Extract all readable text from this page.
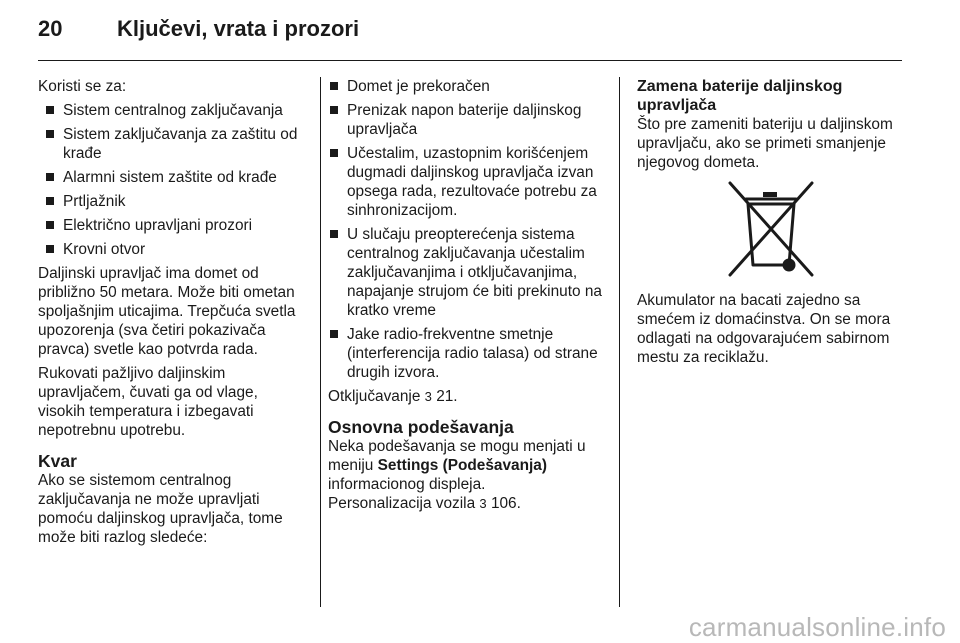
20 Ključevi, vrata i prozori

Koristi se za:

Sistem centralnog zaključavanja
Sistem zaključavanja za zaštitu od krađe
Alarmni sistem zaštite od krađe
Prtljažnik
Električno upravljani prozori
Krovni otvor

Daljinski upravljač ima domet od približno 50 metara. Može biti ometan spoljašnjim uticajima. Trepčuća svetla upozorenja (sva četiri pokazivača pravca) svetle kao potvrda rada.

Rukovati pažljivo daljinskim upravljačem, čuvati ga od vlage, visokih temperatura i izbegavati nepotrebnu upotrebu.

Kvar

Ako se sistemom centralnog zaključavanja ne može upravljati pomoću daljinskog upravljača, tome može biti razlog sledeće:

Domet je prekoračen
Prenizak napon baterije daljinskog upravljača
Učestalim, uzastopnim korišćenjem dugmadi daljinskog upravljača izvan opsega rada, rezultovaće potrebu za sinhronizacijom.
U slučaju preopterećenja sistema centralnog zaključavanja učestalim zaključavanjima i otključavanjima, napajanje strujom će biti prekinuto na kratko vreme
Jake radio-frekventne smetnje (interferencija radio talasa) od strane drugih izvora.

Otključavanje 3 21.

Osnovna podešavanja

Neka podešavanja se mogu menjati u meniju Settings (Podešavanja) informacionog displeja.

Personalizacija vozila 3 106.

Zamena baterije daljinskog upravljača

Što pre zameniti bateriju u daljinskom upravljaču, ako se primeti smanjenje njegovog dometa.

Akumulator na bacati zajedno sa smećem iz domaćinstva. On se mora odlagati na odgovarajućem sabirnom mestu za reciklažu.

carmanualsonline.info
